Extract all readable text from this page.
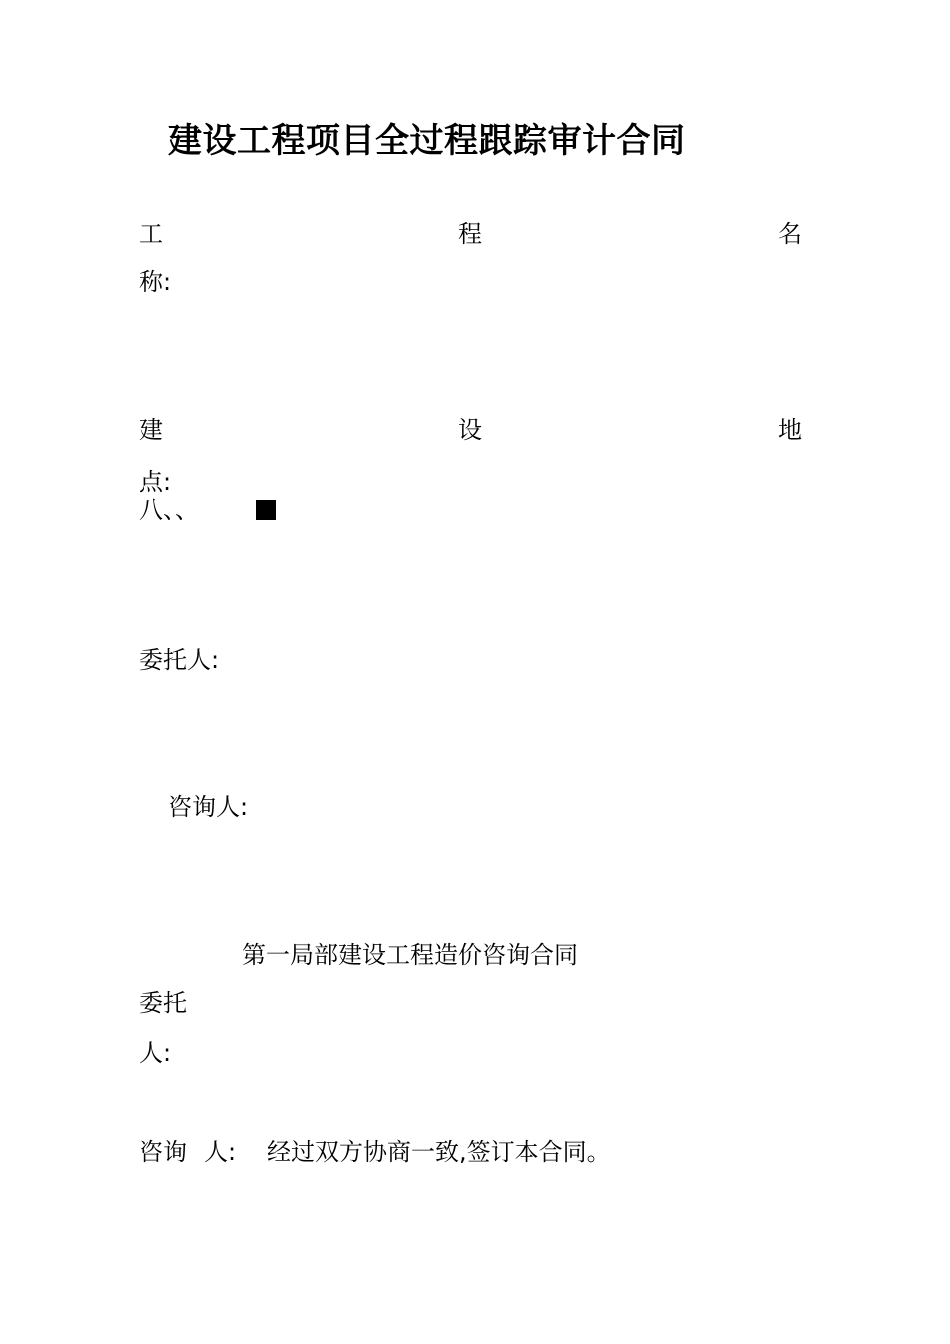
建设工程项目全过程跟踪审计合同
工	程	名
称:
建	设	地
点:
八、、
委托人:
咨询人:
第一局部建设工程造价咨询合同
委托
人:
咨询 人: 经过双方协商一致,签订本合同。
